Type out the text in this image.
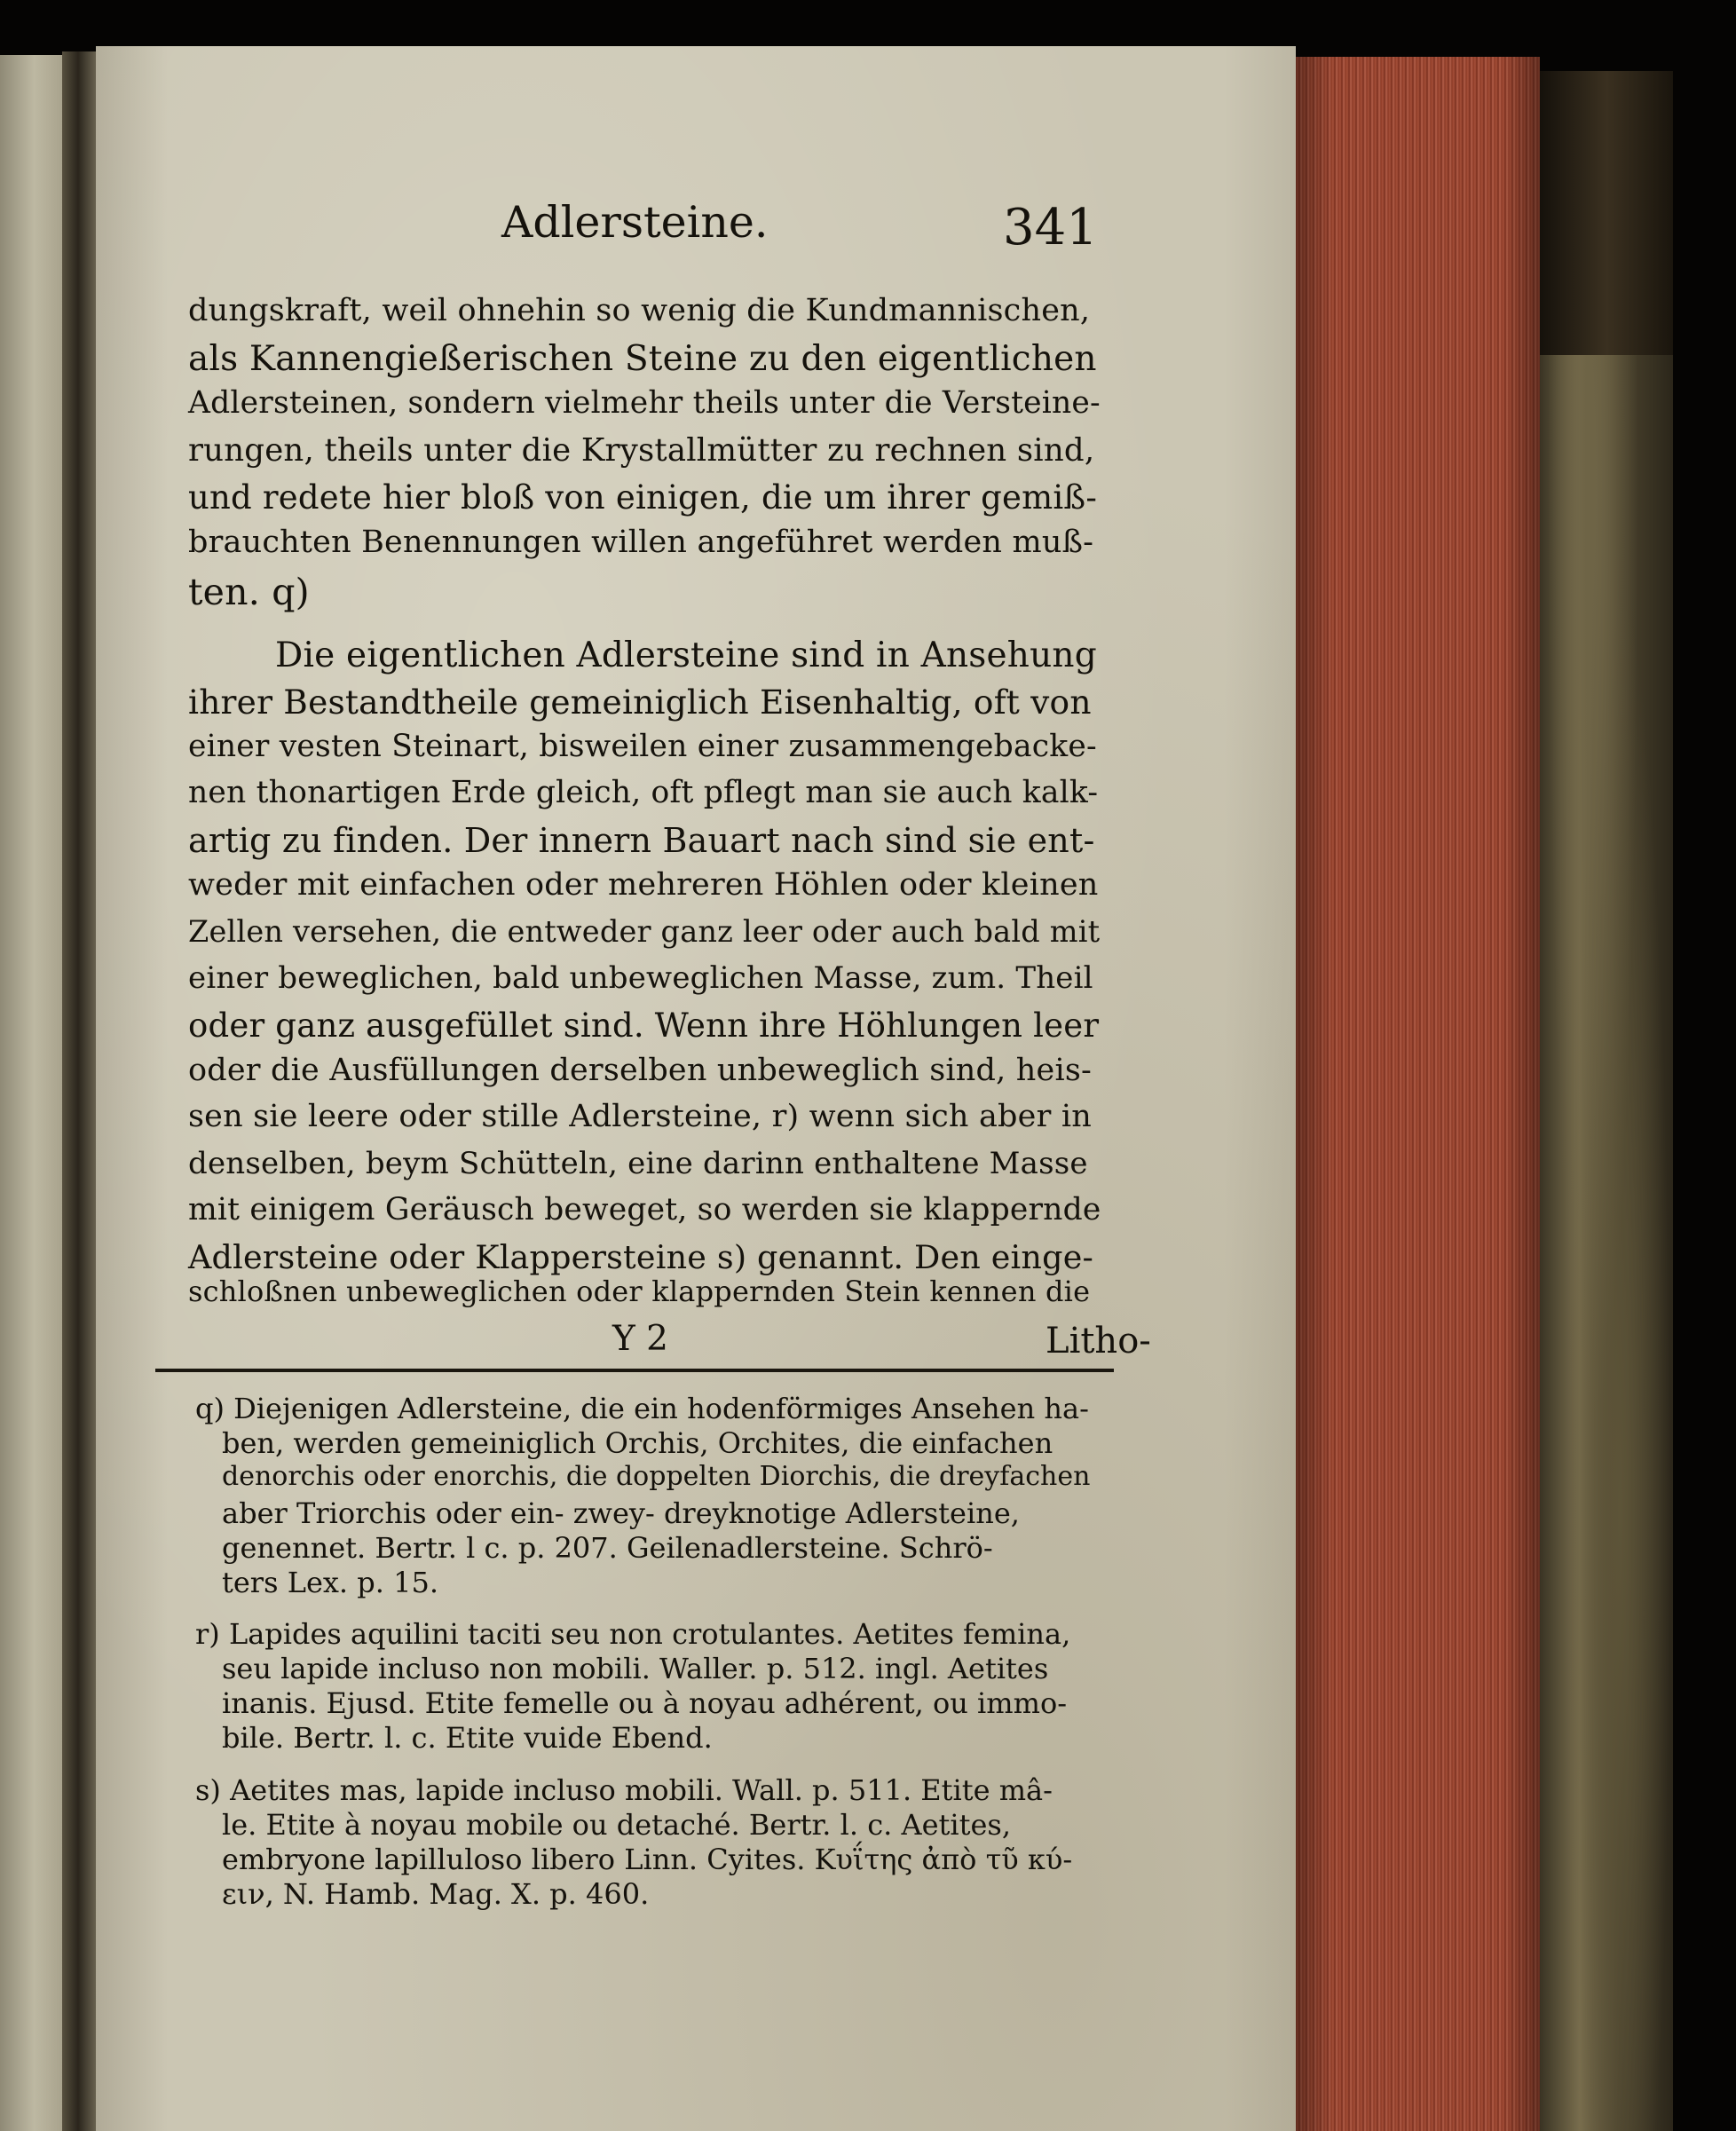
Adlersteine.	341
dungskraft, weil ohnehin so wenig die Kundmannischen,
als Kannengießerischen Steine zu den eigentlichen
Adlersteinen, sondern vielmehr theils unter die Versteine-
rungen, theils unter die Krystallmütter zu rechnen sind,
und redete hier bloß von einigen, die um ihrer gemiß-
brauchten Benennungen willen angeführet werden muß-
ten. q)
Die eigentlichen Adlersteine sind in Ansehung
ihrer Bestandtheile gemeiniglich Eisenhaltig, oft von
einer vesten Steinart, bisweilen einer zusammengebacke-
nen thonartigen Erde gleich, oft pflegt man sie auch kalk-
artig zu finden. Der innern Bauart nach sind sie ent-
weder mit einfachen oder mehreren Höhlen oder kleinen
Zellen versehen, die entweder ganz leer oder auch bald mit
einer beweglichen, bald unbeweglichen Masse, zum. Theil
oder ganz ausgefüllet sind. Wenn ihre Höhlungen leer
oder die Ausfüllungen derselben unbeweglich sind, heis-
sen sie leere oder stille Adlersteine, r) wenn sich aber in
denselben, beym Schütteln, eine darinn enthaltene Masse
mit einigem Geräusch beweget, so werden sie klappernde
Adlersteine oder Klappersteine s) genannt. Den einge-
schloßnen unbeweglichen oder klappernden Stein kennen die
Y 2	Litho-
q) Diejenigen Adlersteine, die ein hodenförmiges Ansehen ha-
ben, werden gemeiniglich Orchis, Orchites, die einfachen
denorchis oder enorchis, die doppelten Diorchis, die dreyfachen
aber Triorchis oder ein- zwey- dreyknotige Adlersteine,
genennet. Bertr. l c. p. 207. Geilenadlersteine. Schrö-
ters Lex. p. 15.
r) Lapides aquilini taciti seu non crotulantes. Aetites femina,
seu lapide incluso non mobili. Waller. p. 512. ingl. Aetites
inanis. Ejusd. Etite femelle ou à noyau adhérent, ou immo-
bile. Bertr. l. c. Etite vuide Ebend.
s) Aetites mas, lapide incluso mobili. Wall. p. 511. Etite mâ-
le. Etite à noyau mobile ou detaché. Bertr. l. c. Aetites,
embryone lapilluloso libero Linn. Cyites. Κυΐτης ἀπὸ τῦ κύ-
ειν, N. Hamb. Mag. X. p. 460.
